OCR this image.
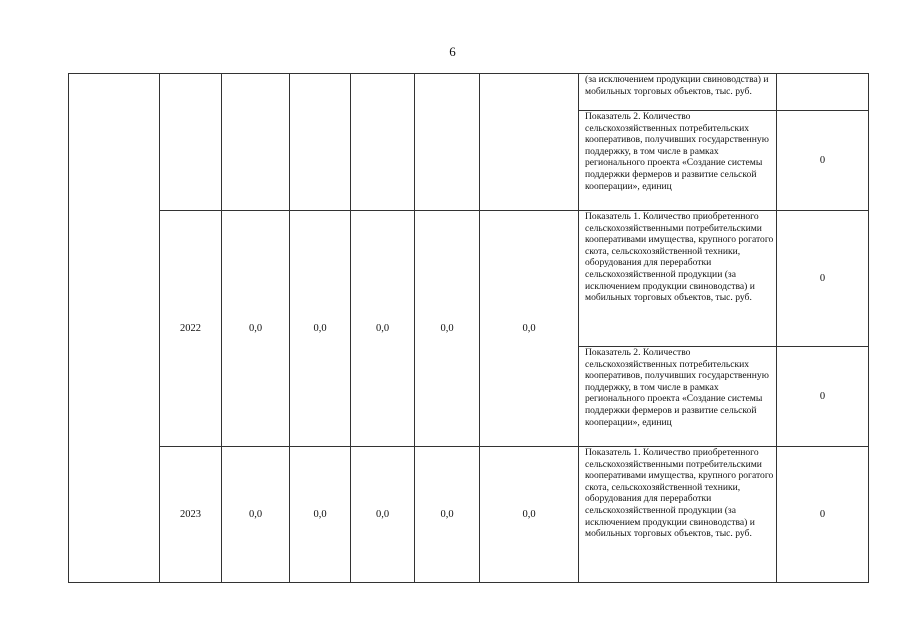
6
							(за исключением продукции свиноводства) и мобильных торговых объектов, тыс. руб.	
							Показатель 2. Количество сельскохозяйственных потребительских кооперативов, получивших государственную поддержку, в том числе в рамках регионального проекта «Создание системы поддержки фермеров и развитие сельской кооперации», единиц	0
	2022	0,0	0,0	0,0	0,0	0,0	Показатель 1. Количество приобретенного сельскохозяйственными потребительскими кооперативами имущества, крупного рогатого скота, сельскохозяйственной техники, оборудования для переработки сельскохозяйственной продукции (за исключением продукции свиноводства) и мобильных торговых объектов, тыс. руб.	0
							Показатель 2. Количество сельскохозяйственных потребительских кооперативов, получивших государственную поддержку, в том числе в рамках регионального проекта «Создание системы поддержки фермеров и развитие сельской кооперации», единиц	0
	2023	0,0	0,0	0,0	0,0	0,0	Показатель 1. Количество приобретенного сельскохозяйственными потребительскими кооперативами имущества, крупного рогатого скота, сельскохозяйственной техники, оборудования для переработки сельскохозяйственной продукции (за исключением продукции свиноводства) и мобильных торговых объектов, тыс. руб.	0
